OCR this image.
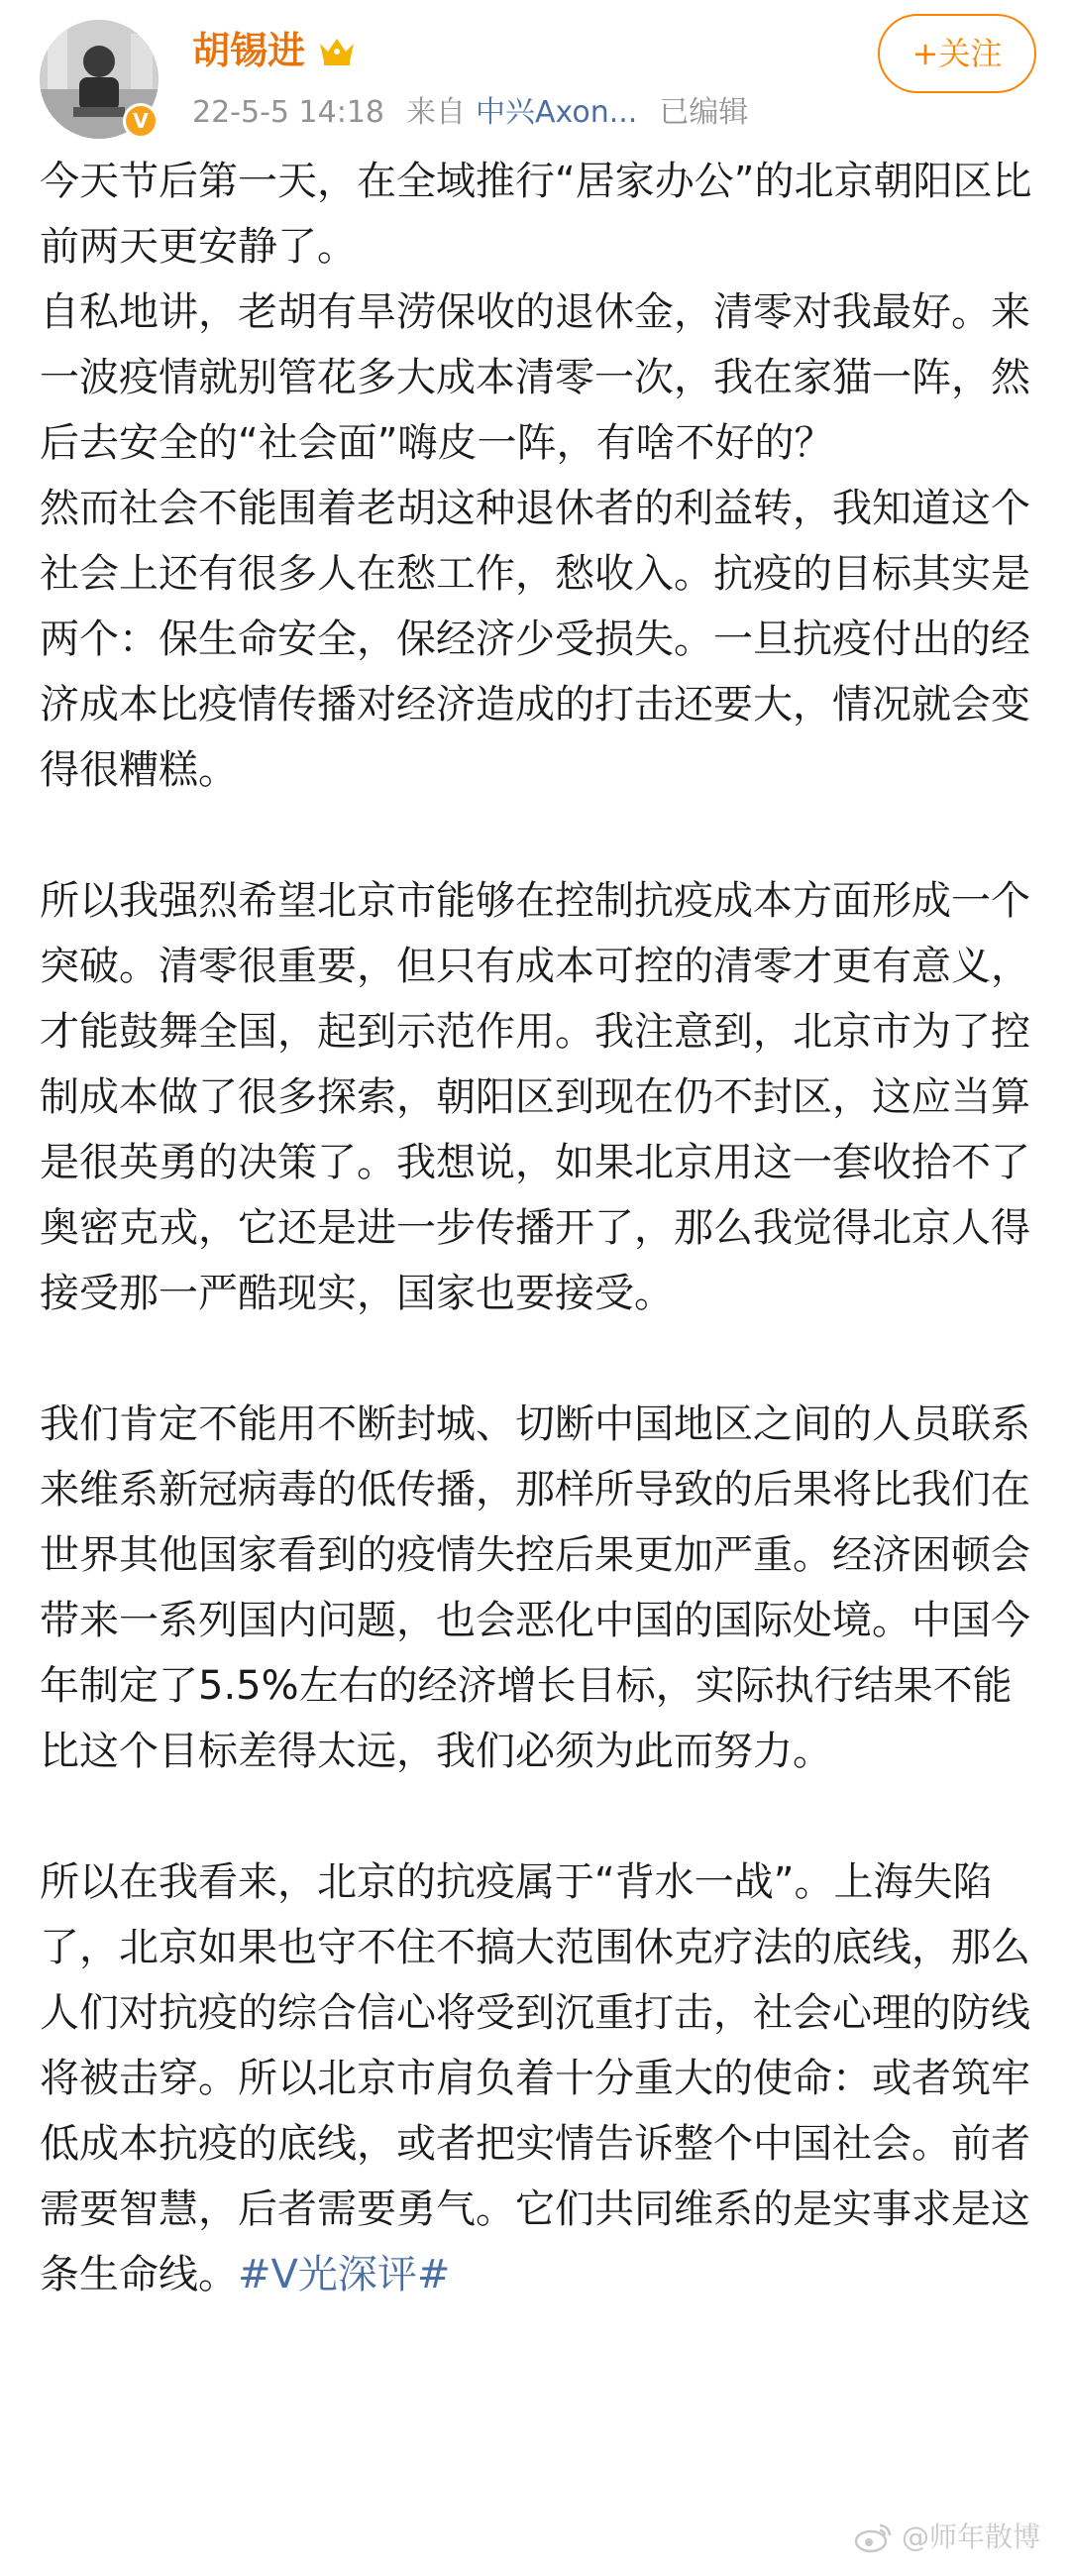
V
胡锡进
22-5-5 14:18 来自 中兴Axon... 已编辑
+关注

今天节后第一天，在全域推行“居家办公”的北京朝阳区比前两天更安静了。
自私地讲，老胡有旱涝保收的退休金，清零对我最好。来一波疫情就别管花多大成本清零一次，我在家猫一阵，然后去安全的“社会面”嗨皮一阵，有啥不好的？
然而社会不能围着老胡这种退休者的利益转，我知道这个社会上还有很多人在愁工作，愁收入。抗疫的目标其实是两个：保生命安全，保经济少受损失。一旦抗疫付出的经济成本比疫情传播对经济造成的打击还要大，情况就会变得很糟糕。

所以我强烈希望北京市能够在控制抗疫成本方面形成一个突破。清零很重要，但只有成本可控的清零才更有意义，才能鼓舞全国，起到示范作用。我注意到，北京市为了控制成本做了很多探索，朝阳区到现在仍不封区，这应当算是很英勇的决策了。我想说，如果北京用这一套收拾不了奥密克戎，它还是进一步传播开了，那么我觉得北京人得接受那一严酷现实，国家也要接受。

我们肯定不能用不断封城、切断中国地区之间的人员联系来维系新冠病毒的低传播，那样所导致的后果将比我们在世界其他国家看到的疫情失控后果更加严重。经济困顿会带来一系列国内问题，也会恶化中国的国际处境。中国今年制定了5.5%左右的经济增长目标，实际执行结果不能比这个目标差得太远，我们必须为此而努力。

所以在我看来，北京的抗疫属于“背水一战”。上海失陷了，北京如果也守不住不搞大范围休克疗法的底线，那么人们对抗疫的综合信心将受到沉重打击，社会心理的防线将被击穿。所以北京市肩负着十分重大的使命：或者筑牢低成本抗疫的底线，或者把实情告诉整个中国社会。前者需要智慧，后者需要勇气。它们共同维系的是实事求是这条生命线。#V光深评#

@师年散博
